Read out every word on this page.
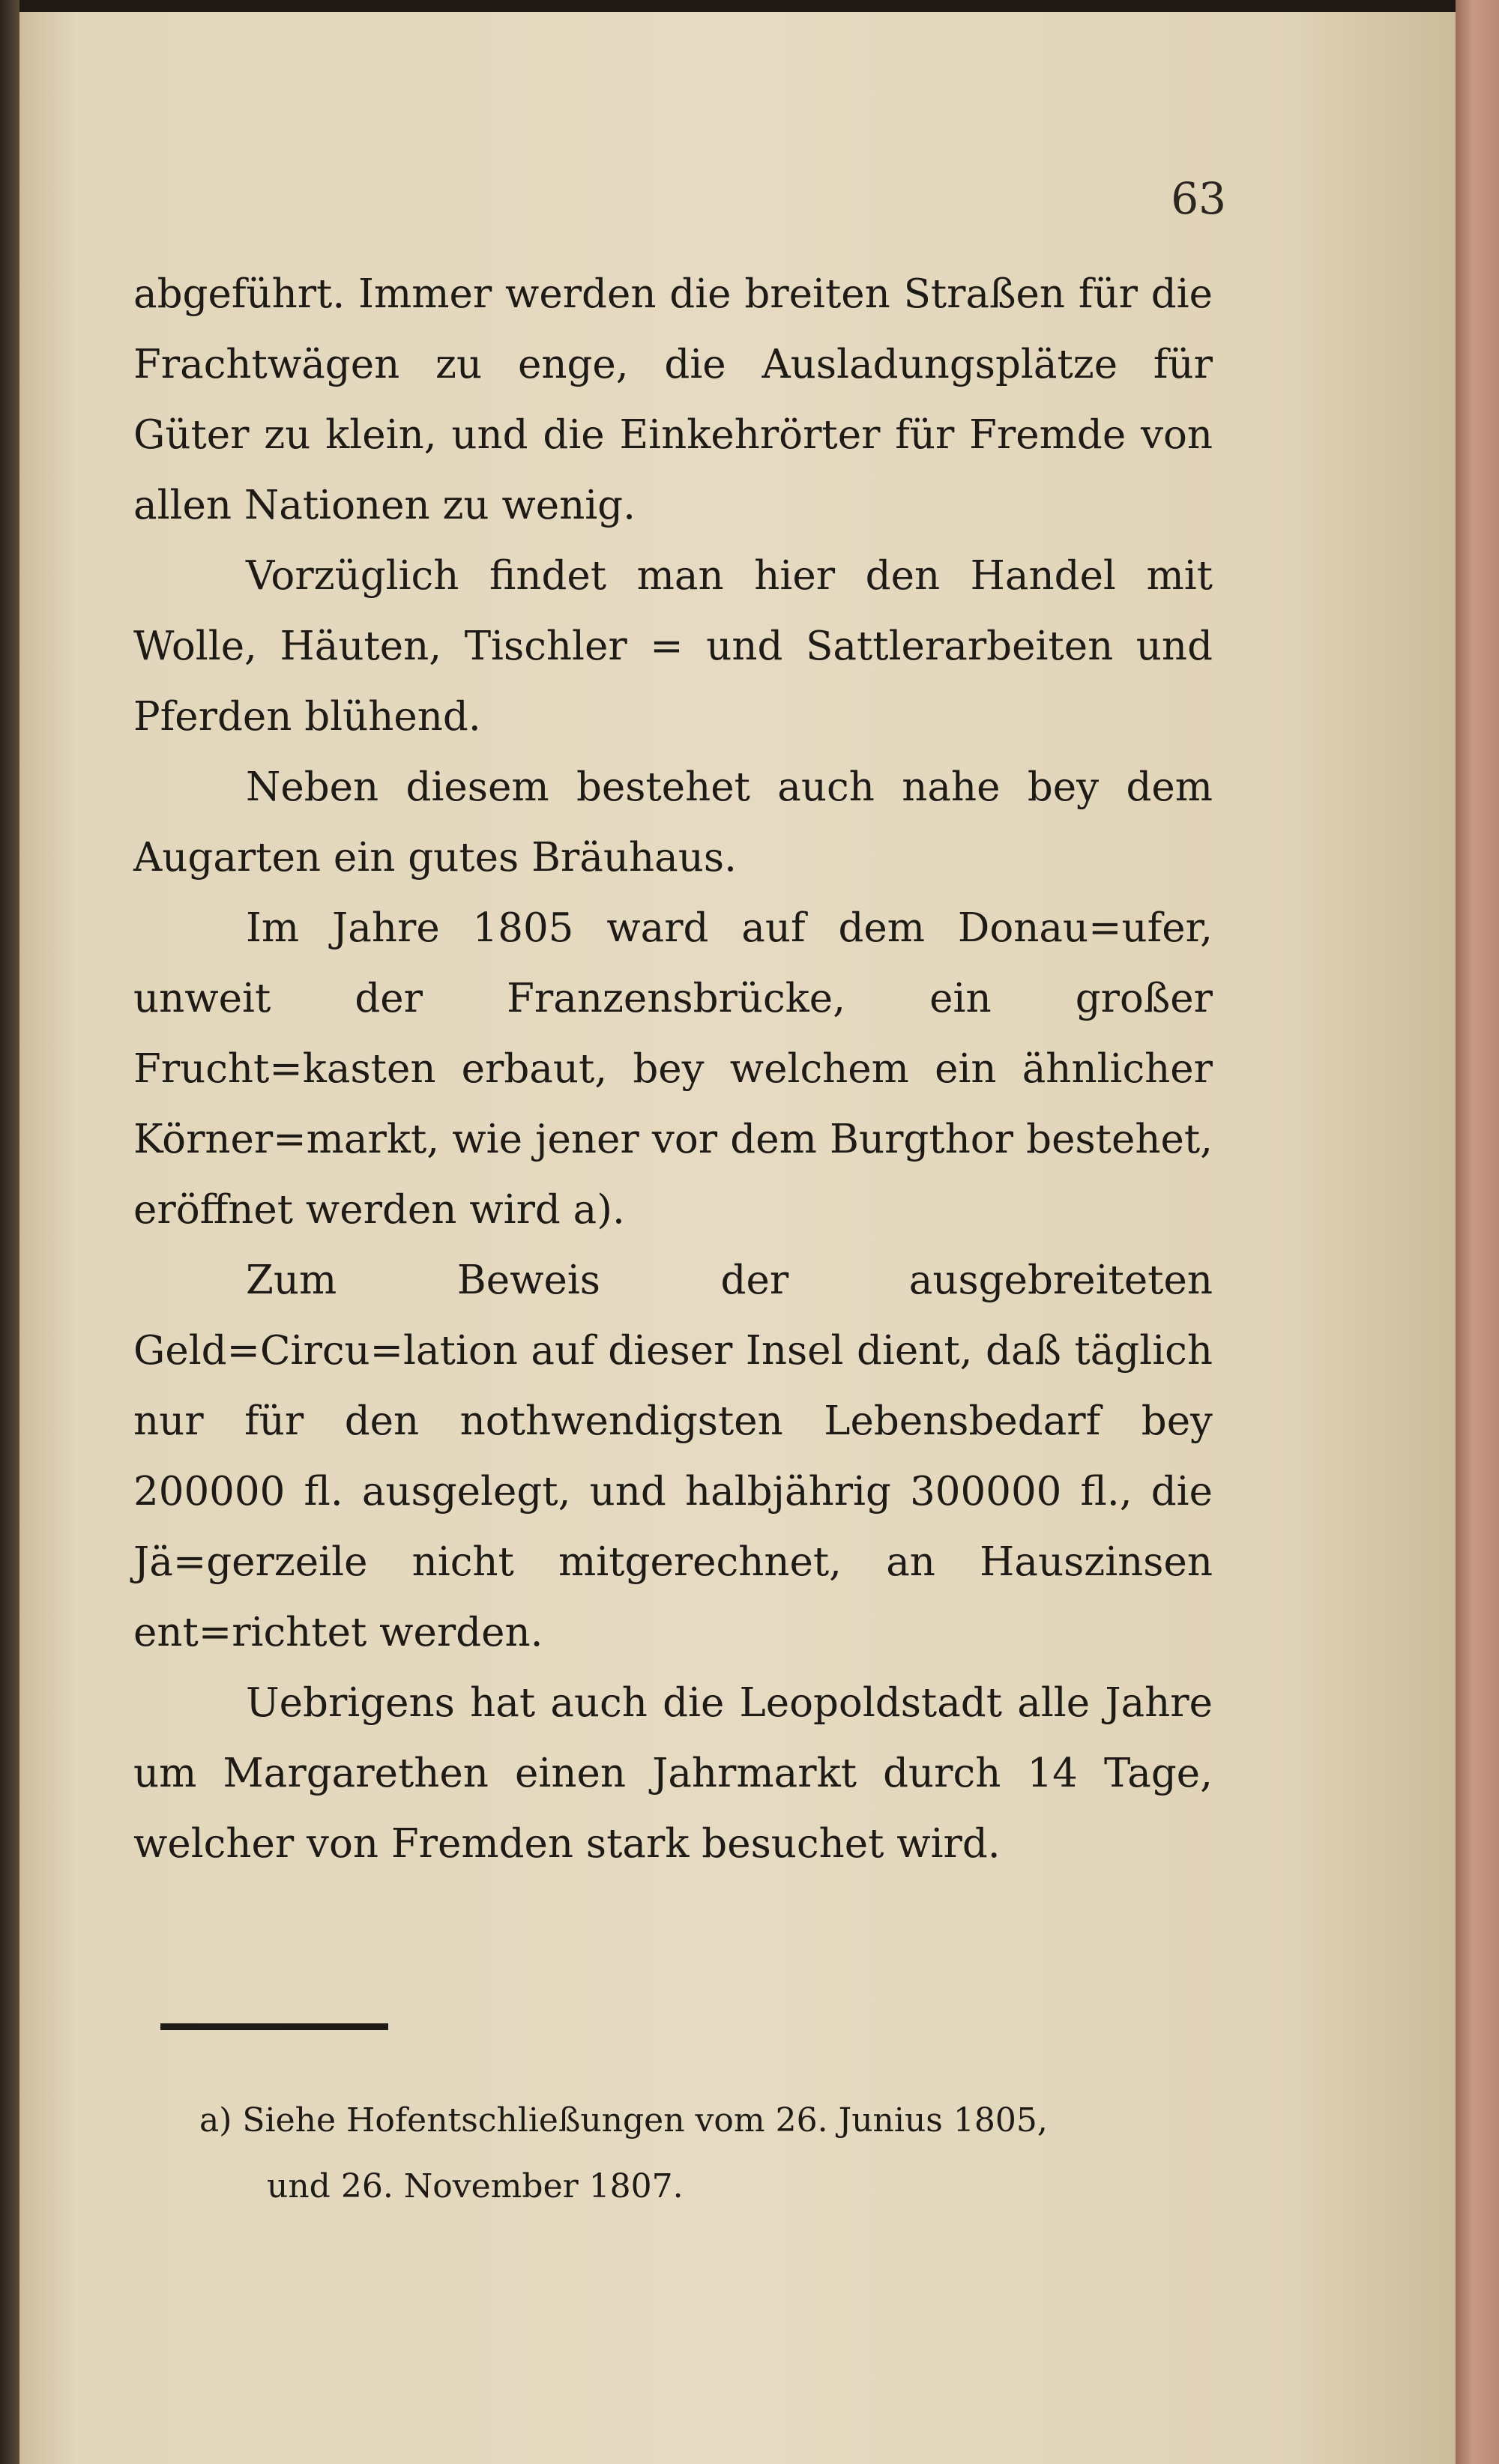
63

abgeführt. Immer werden die breiten Straßen für die Frachtwägen zu enge, die Ausladungsplätze für Güter zu klein, und die Einkehrörter für Fremde von allen Nationen zu wenig.

Vorzüglich findet man hier den Handel mit Wolle, Häuten, Tischler = und Sattlerarbeiten und Pferden blühend.

Neben diesem bestehet auch nahe bey dem Augarten ein gutes Bräuhaus.

Im Jahre 1805 ward auf dem Donau=ufer, unweit der Franzensbrücke, ein großer Frucht=kasten erbaut, bey welchem ein ähnlicher Körner=markt, wie jener vor dem Burgthor bestehet, eröffnet werden wird a).

Zum Beweis der ausgebreiteten Geld=Circu=lation auf dieser Insel dient, daß täglich nur für den nothwendigsten Lebensbedarf bey 200000 fl. ausgelegt, und halbjährig 300000 fl., die Jä=gerzeile nicht mitgerechnet, an Hauszinsen ent=richtet werden.

Uebrigens hat auch die Leopoldstadt alle Jahre um Margarethen einen Jahrmarkt durch 14 Tage, welcher von Fremden stark besuchet wird.

a) Siehe Hofentschließungen vom 26. Junius 1805,
und 26. November 1807.
